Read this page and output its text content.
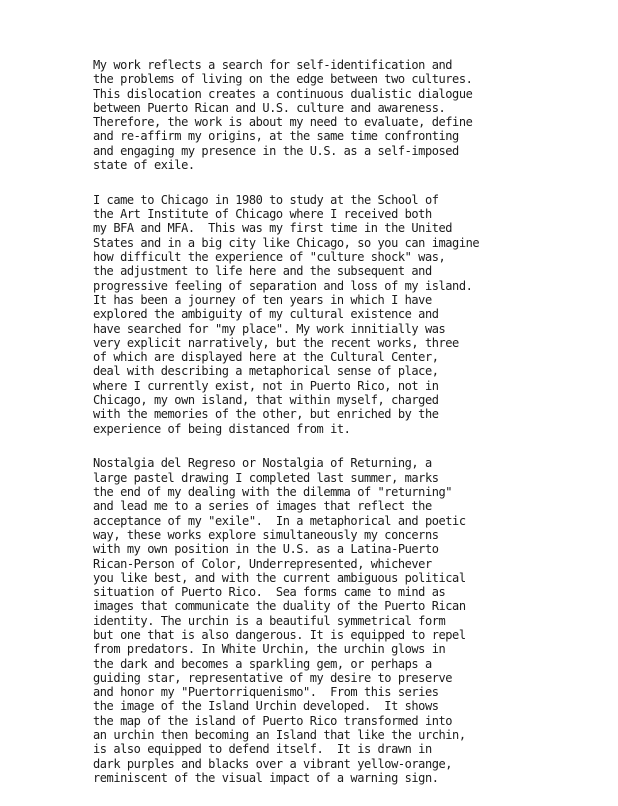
My work reflects a search for self-identification and
the problems of living on the edge between two cultures.
This dislocation creates a continuous dualistic dialogue
between Puerto Rican and U.S. culture and awareness.
Therefore, the work is about my need to evaluate, define
and re-affirm my origins, at the same time confronting
and engaging my presence in the U.S. as a self-imposed
state of exile.
I came to Chicago in 1980 to study at the School of
the Art Institute of Chicago where I received both
my BFA and MFA.  This was my first time in the United
States and in a big city like Chicago, so you can imagine
how difficult the experience of "culture shock" was,
the adjustment to life here and the subsequent and
progressive feeling of separation and loss of my island.
It has been a journey of ten years in which I have
explored the ambiguity of my cultural existence and
have searched for "my place". My work innitially was
very explicit narratively, but the recent works, three
of which are displayed here at the Cultural Center,
deal with describing a metaphorical sense of place,
where I currently exist, not in Puerto Rico, not in
Chicago, my own island, that within myself, charged
with the memories of the other, but enriched by the
experience of being distanced from it.
Nostalgia del Regreso or Nostalgia of Returning, a
large pastel drawing I completed last summer, marks
the end of my dealing with the dilemma of "returning"
and lead me to a series of images that reflect the
acceptance of my "exile".  In a metaphorical and poetic
way, these works explore simultaneously my concerns
with my own position in the U.S. as a Latina-Puerto
Rican-Person of Color, Underrepresented, whichever
you like best, and with the current ambiguous political
situation of Puerto Rico.  Sea forms came to mind as
images that communicate the duality of the Puerto Rican
identity. The urchin is a beautiful symmetrical form
but one that is also dangerous. It is equipped to repel
from predators. In White Urchin, the urchin glows in
the dark and becomes a sparkling gem, or perhaps a
guiding star, representative of my desire to preserve
and honor my "Puertorriquenismo".  From this series
the image of the Island Urchin developed.  It shows
the map of the island of Puerto Rico transformed into
an urchin then becoming an Island that like the urchin,
is also equipped to defend itself.  It is drawn in
dark purples and blacks over a vibrant yellow-orange,
reminiscent of the visual impact of a warning sign.
